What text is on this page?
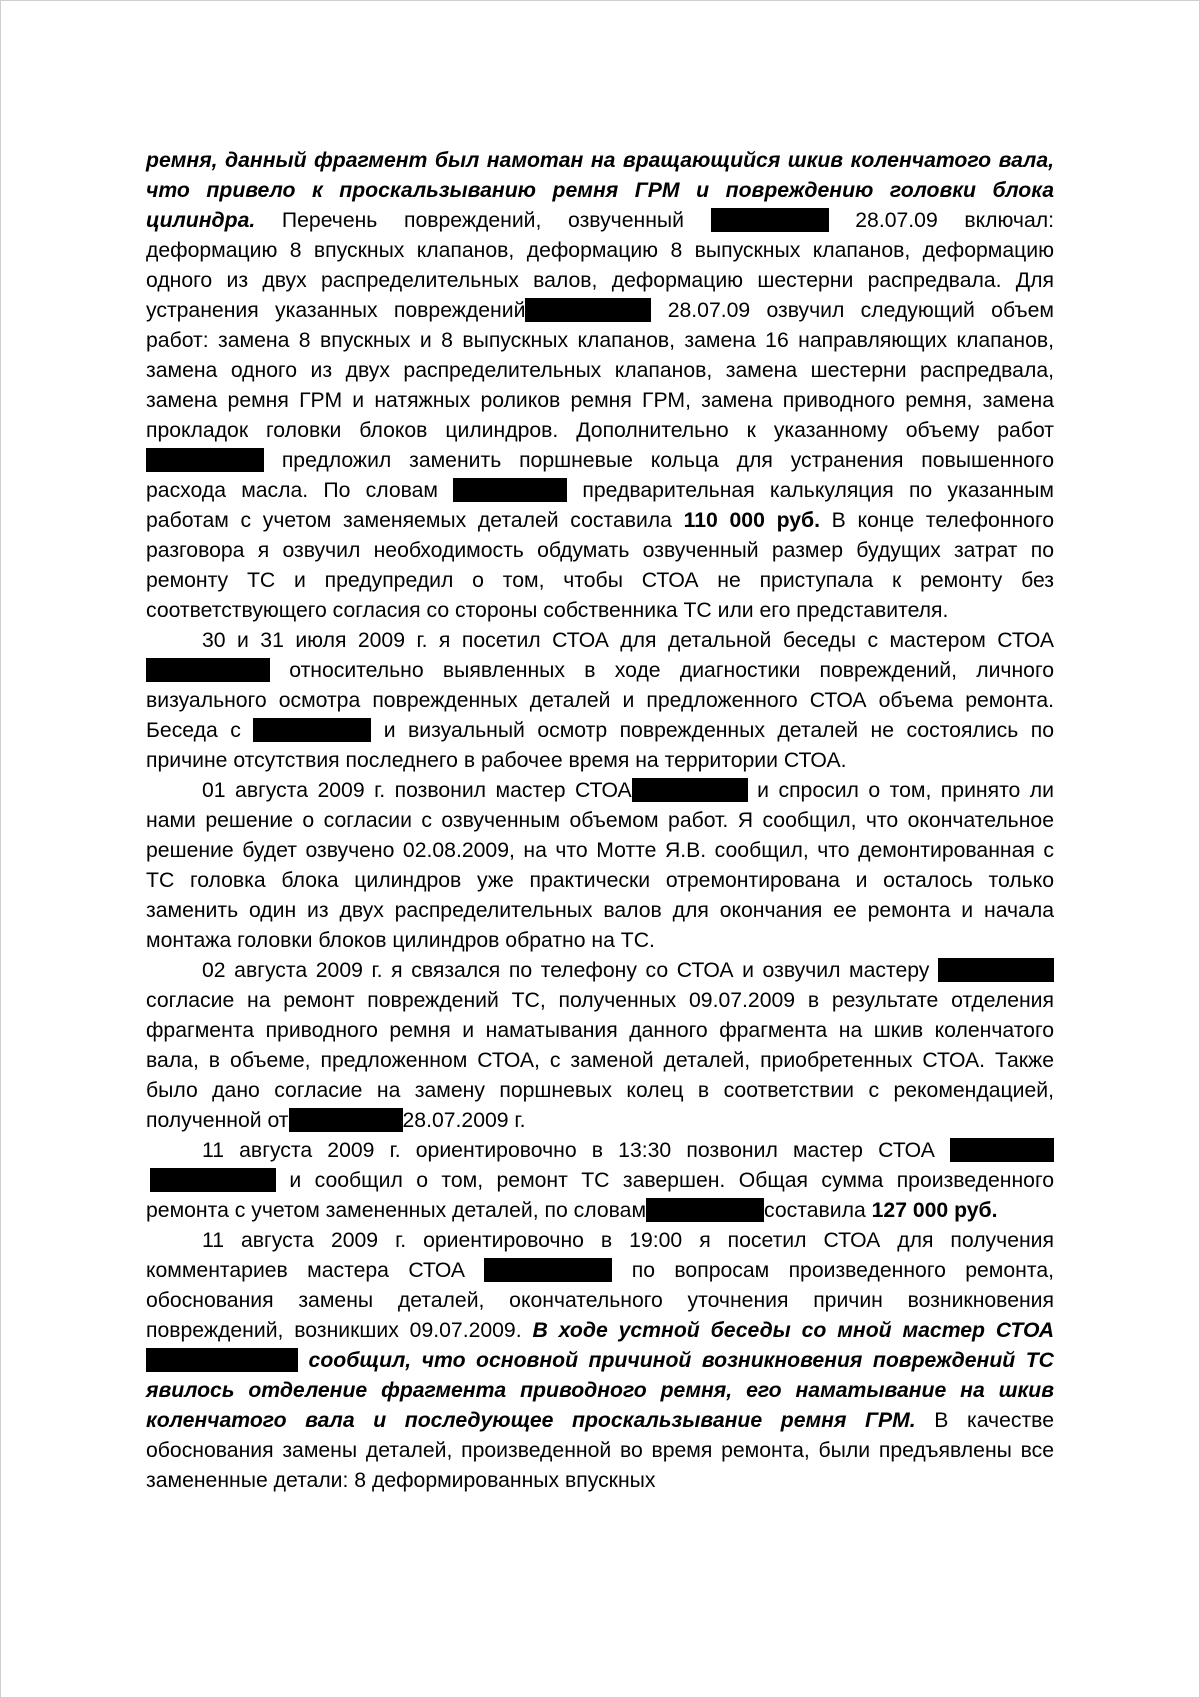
ремня, данный фрагмент был намотан на вращающийся шкив коленчатого вала, что привело к проскальзыванию ремня ГРМ и повреждению головки блока цилиндра. Перечень повреждений, озвученный	28.07.09 включал: деформацию 8 впускных клапанов, деформацию 8 выпускных клапанов, деформацию одного из двух распределительных валов, деформацию шестерни распредвала. Для устранения указанных повреждений	28.07.09 озвучил следующий объем работ: замена 8 впускных и 8 выпускных клапанов, замена 16 направляющих клапанов, замена одного из двух распределительных клапанов, замена шестерни распредвала, замена ремня ГРМ и натяжных роликов ремня ГРМ, замена приводного ремня, замена прокладок головки блоков цилиндров. Дополнительно к указанному объему работ  предложил заменить поршневые кольца для устранения повышенного расхода масла. По словам	предварительная калькуляция по указанным работам с учетом заменяемых деталей составила 110 000 руб. В конце телефонного разговора я озвучил необходимость обдумать озвученный размер будущих затрат по ремонту ТС и предупредил о том, чтобы СТОА не приступала к ремонту без соответствующего согласия со стороны собственника ТС или его представителя.

30 и 31 июля 2009 г. я посетил СТОА для детальной беседы с мастером СТОА  относительно выявленных в ходе диагностики повреждений, личного визуального осмотра поврежденных деталей и предложенного СТОА объема ремонта. Беседа с	и визуальный осмотр поврежденных деталей не состоялись по причине отсутствия последнего в рабочее время на территории СТОА.

01 августа 2009 г. позвонил мастер СТОА	и спросил о том, принято ли нами решение о согласии с озвученным объемом работ. Я сообщил, что окончательное решение будет озвучено 02.08.2009, на что Мотте Я.В. сообщил, что демонтированная с ТС головка блока цилиндров уже практически отремонтирована и осталось только заменить один из двух распределительных валов для окончания ее ремонта и начала монтажа головки блоков цилиндров обратно на ТС.

02 августа 2009 г. я связался по телефону со СТОА и озвучил мастеру  согласие на ремонт повреждений ТС, полученных 09.07.2009 в результате отделения фрагмента приводного ремня и наматывания данного фрагмента на шкив коленчатого вала, в объеме, предложенном СТОА, с заменой деталей, приобретенных СТОА. Также было дано согласие на замену поршневых колец в соответствии с рекомендацией, полученной от	28.07.2009 г.

11 августа 2009 г. ориентировочно в 13:30 позвонил мастер СТОА  и сообщил о том, ремонт ТС завершен. Общая сумма произведенного ремонта с учетом замененных деталей, по словам	составила 127 000 руб.

11 августа 2009 г. ориентировочно в 19:00 я посетил СТОА для получения комментариев мастера СТОА	по вопросам произведенного ремонта, обоснования замены деталей, окончательного уточнения причин возникновения повреждений, возникших 09.07.2009. В ходе устной беседы со мной мастер СТОА  сообщил, что основной причиной возникновения повреждений ТС явилось отделение фрагмента приводного ремня, его наматывание на шкив коленчатого вала и последующее проскальзывание ремня ГРМ. В качестве обоснования замены деталей, произведенной во время ремонта, были предъявлены все замененные детали: 8 деформированных впускных
